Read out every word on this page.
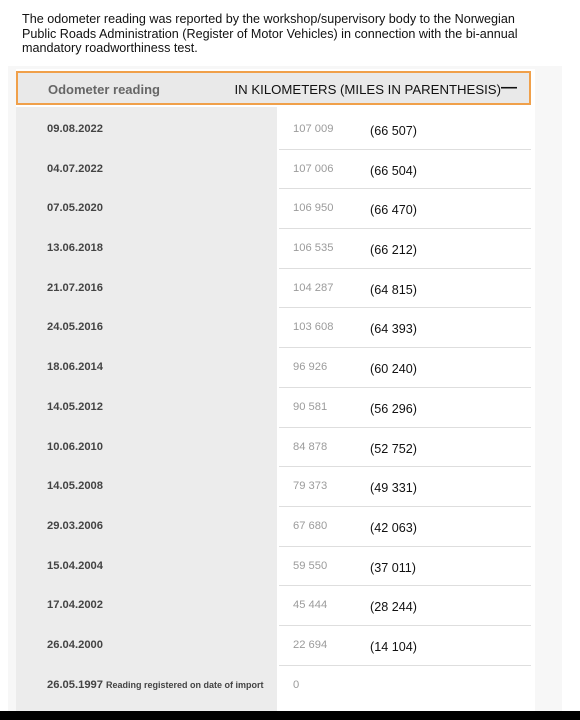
The odometer reading was reported by the workshop/supervisory body to the Norwegian Public Roads Administration (Register of Motor Vehicles) in connection with the bi-annual mandatory roadworthiness test.
Odometer reading	IN KILOMETERS (MILES IN PARENTHESIS) —
09.08.2022	107 009	(66 507)
04.07.2022	107 006	(66 504)
07.05.2020	106 950	(66 470)
13.06.2018	106 535	(66 212)
21.07.2016	104 287	(64 815)
24.05.2016	103 608	(64 393)
18.06.2014	96 926	(60 240)
14.05.2012	90 581	(56 296)
10.06.2010	84 878	(52 752)
14.05.2008	79 373	(49 331)
29.03.2006	67 680	(42 063)
15.04.2004	59 550	(37 011)
17.04.2002	45 444	(28 244)
26.04.2000	22 694	(14 104)
26.05.1997 Reading registered on date of import	0
